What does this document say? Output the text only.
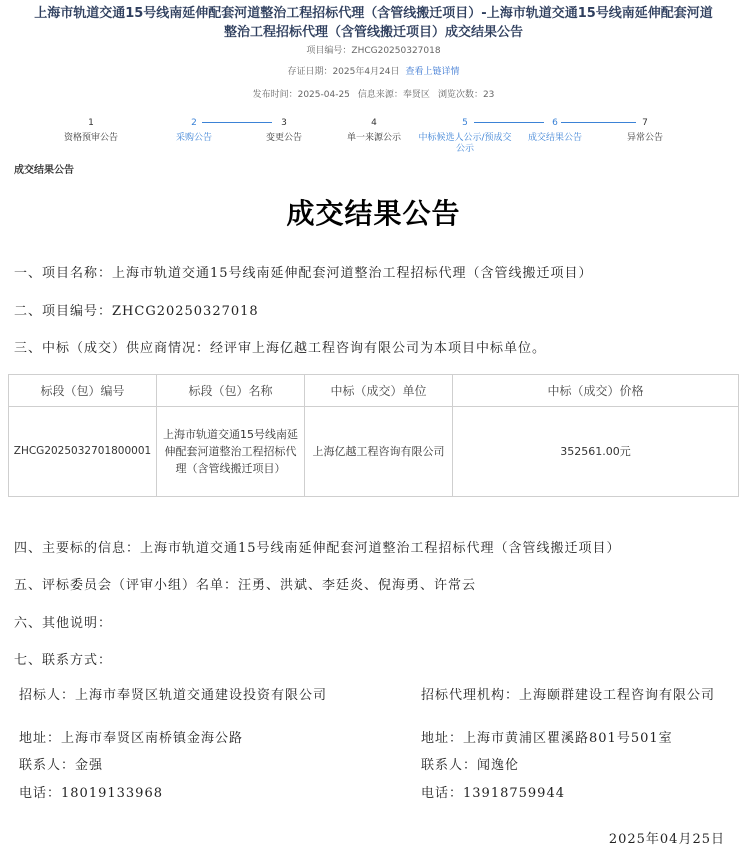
上海市轨道交通15号线南延伸配套河道整治工程招标代理（含管线搬迁项目）-上海市轨道交通15号线南延伸配套河道整治工程招标代理（含管线搬迁项目）成交结果公告
项目编号：ZHCG20250327018
存证日期：2025年4月24日 查看上链详情
发布时间：2025-04-25 信息来源：奉贤区 浏览次数：23
1
资格预审公告
2
采购公告
3
变更公告
4
单一来源公示
5
中标候选人公示/预成交公示
6
成交结果公告
7
异常公告
成交结果公告
成交结果公告
一、项目名称：上海市轨道交通15号线南延伸配套河道整治工程招标代理（含管线搬迁项目）
二、项目编号：ZHCG20250327018
三、中标（成交）供应商情况：经评审上海亿越工程咨询有限公司为本项目中标单位。
标段（包）编号	标段（包）名称	中标（成交）单位	中标（成交）价格
ZHCG2025032701800001	上海市轨道交通15号线南延伸配套河道整治工程招标代理（含管线搬迁项目）	上海亿越工程咨询有限公司	352561.00元
四、主要标的信息：上海市轨道交通15号线南延伸配套河道整治工程招标代理（含管线搬迁项目）
五、评标委员会（评审小组）名单：汪勇、洪斌、李廷炎、倪海勇、许常云
六、其他说明：
七、联系方式：
招标人：上海市奉贤区轨道交通建设投资有限公司
地址：上海市奉贤区南桥镇金海公路
联系人：金强
电话：18019133968
招标代理机构：上海颐群建设工程咨询有限公司
地址：上海市黄浦区瞿溪路801号501室
联系人：闻逸伦
电话：13918759944
2025年04月25日
